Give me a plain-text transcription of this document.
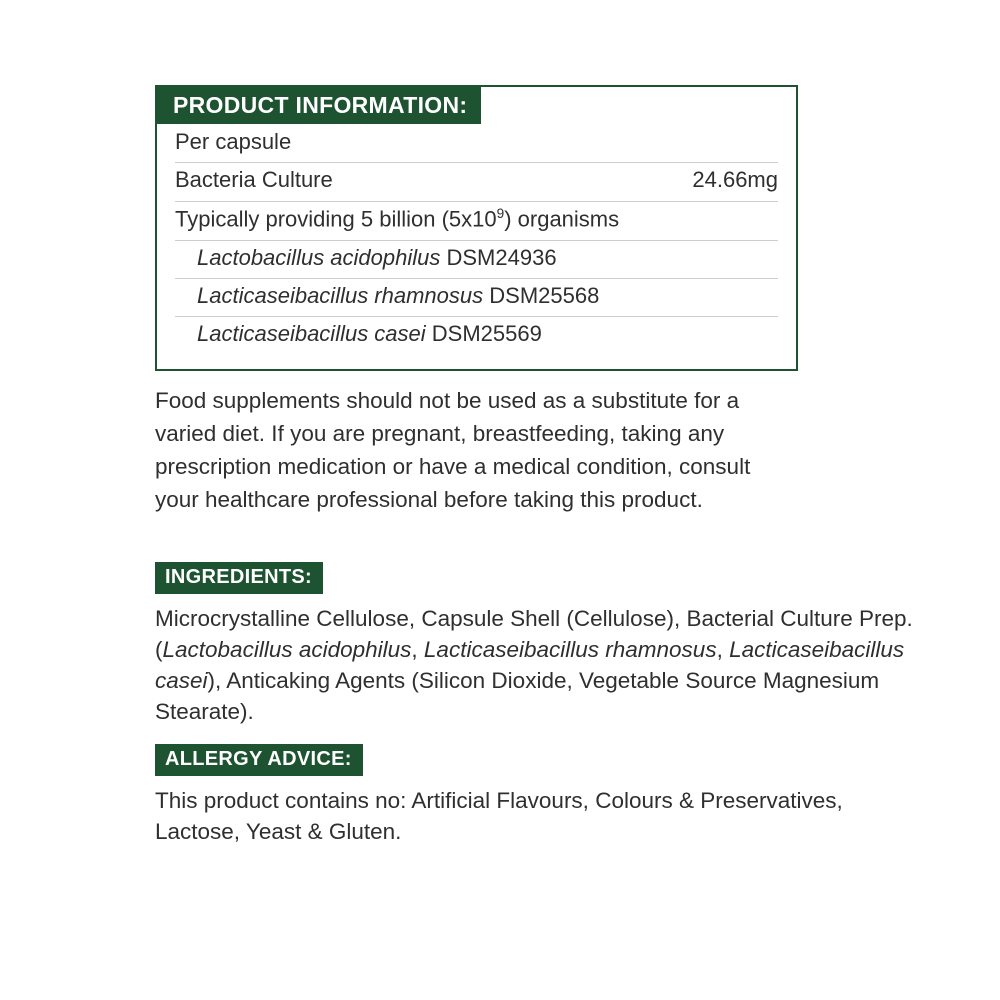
PRODUCT INFORMATION:
Per capsule
Bacteria Culture	24.66mg
Typically providing 5 billion $(5x10^9)$ organisms
Lactobacillus acidophilus DSM24936
Lacticaseibacillus rhamnosus DSM25568
Lacticaseibacillus casei DSM25569
Food supplements should not be used as a substitute for a varied diet. If you are pregnant, breastfeeding, taking any prescription medication or have a medical condition, consult your healthcare professional before taking this product.
INGREDIENTS:
Microcrystalline Cellulose, Capsule Shell (Cellulose), Bacterial Culture Prep. (Lactobacillus acidophilus, Lacticaseibacillus rhamnosus, Lacticaseibacillus casei), Anticaking Agents (Silicon Dioxide, Vegetable Source Magnesium Stearate).
ALLERGY ADVICE:
This product contains no: Artificial Flavours, Colours & Preservatives, Lactose, Yeast & Gluten.
